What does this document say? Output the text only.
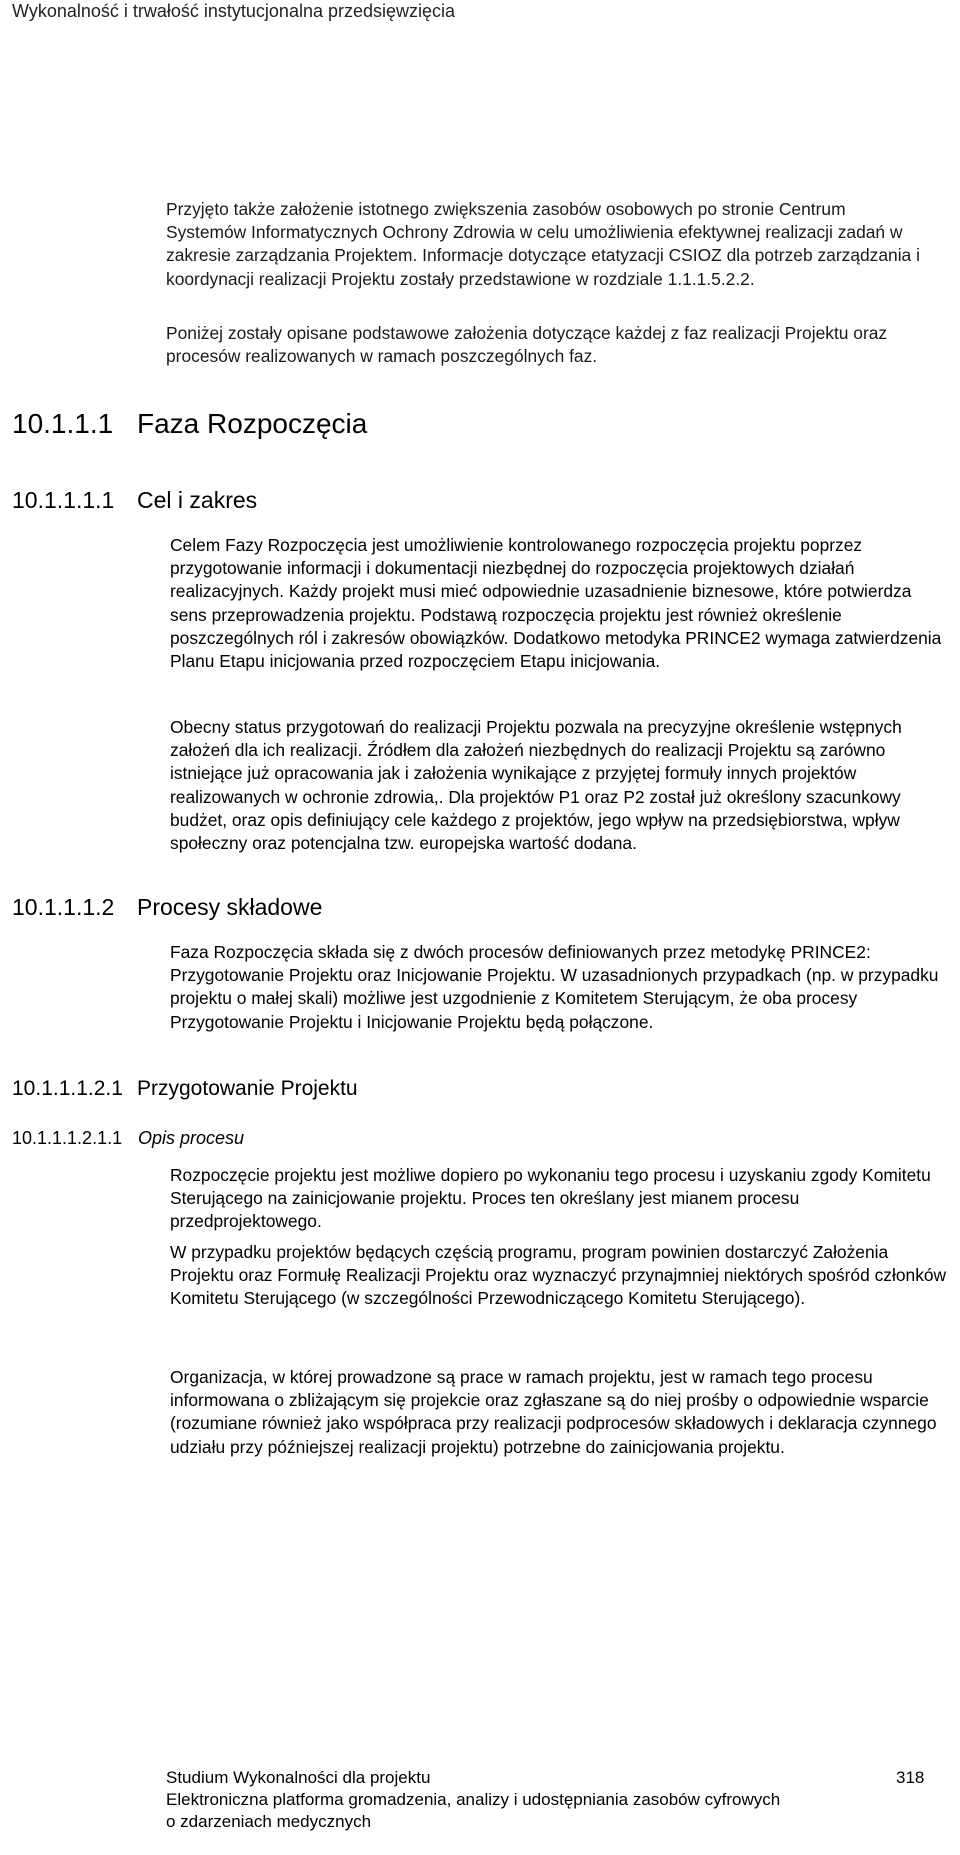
Wykonalność i trwałość instytucjonalna przedsięwzięcia

Przyjęto także założenie istotnego zwiększenia zasobów osobowych po stronie Centrum Systemów Informatycznych Ochrony Zdrowia w celu umożliwienia efektywnej realizacji zadań w zakresie zarządzania Projektem. Informacje dotyczące etatyzacji CSIOZ dla potrzeb zarządzania i koordynacji realizacji Projektu zostały przedstawione w rozdziale 1.1.1.5.2.2.

Poniżej zostały opisane podstawowe założenia dotyczące każdej z faz realizacji Projektu oraz procesów realizowanych w ramach poszczególnych faz.

10.1.1.1 Faza Rozpoczęcia
10.1.1.1.1 Cel i zakres

Celem Fazy Rozpoczęcia jest umożliwienie kontrolowanego rozpoczęcia projektu poprzez przygotowanie informacji i dokumentacji niezbędnej do rozpoczęcia projektowych działań realizacyjnych. Każdy projekt musi mieć odpowiednie uzasadnienie biznesowe, które potwierdza sens przeprowadzenia projektu. Podstawą rozpoczęcia projektu jest również określenie poszczególnych ról i zakresów obowiązków. Dodatkowo metodyka PRINCE2 wymaga zatwierdzenia Planu Etapu inicjowania przed rozpoczęciem Etapu inicjowania.

Obecny status przygotowań do realizacji Projektu pozwala na precyzyjne określenie wstępnych założeń dla ich realizacji. Źródłem dla założeń niezbędnych do realizacji Projektu są zarówno istniejące już opracowania jak i założenia wynikające z przyjętej formuły innych projektów realizowanych w ochronie zdrowia,. Dla projektów P1 oraz P2 został już określony szacunkowy budżet, oraz opis definiujący cele każdego z projektów, jego wpływ na przedsiębiorstwa, wpływ społeczny oraz potencjalna tzw. europejska wartość dodana.

10.1.1.1.2 Procesy składowe

Faza Rozpoczęcia składa się z dwóch procesów definiowanych przez metodykę PRINCE2: Przygotowanie Projektu oraz Inicjowanie Projektu. W uzasadnionych przypadkach (np. w przypadku projektu o małej skali) możliwe jest uzgodnienie z Komitetem Sterującym, że oba procesy Przygotowanie Projektu i Inicjowanie Projektu będą połączone.

10.1.1.1.2.1 Przygotowanie Projektu
10.1.1.1.2.1.1 Opis procesu

Rozpoczęcie projektu jest możliwe dopiero po wykonaniu tego procesu i uzyskaniu zgody Komitetu Sterującego na zainicjowanie projektu. Proces ten określany jest mianem procesu przedprojektowego.

W przypadku projektów będących częścią programu, program powinien dostarczyć Założenia Projektu oraz Formułę Realizacji Projektu oraz wyznaczyć przynajmniej niektórych spośród członków Komitetu Sterującego (w szczególności Przewodniczącego Komitetu Sterującego).

Organizacja, w której prowadzone są prace w ramach projektu, jest w ramach tego procesu informowana o zbliżającym się projekcie oraz zgłaszane są do niej prośby o odpowiednie wsparcie (rozumiane również jako współpraca przy realizacji podprocesów składowych i deklaracja czynnego udziału przy późniejszej realizacji projektu) potrzebne do zainicjowania projektu.

Studium Wykonalności dla projektu
Elektroniczna platforma gromadzenia, analizy i udostępniania zasobów cyfrowych
o zdarzeniach medycznych
318
